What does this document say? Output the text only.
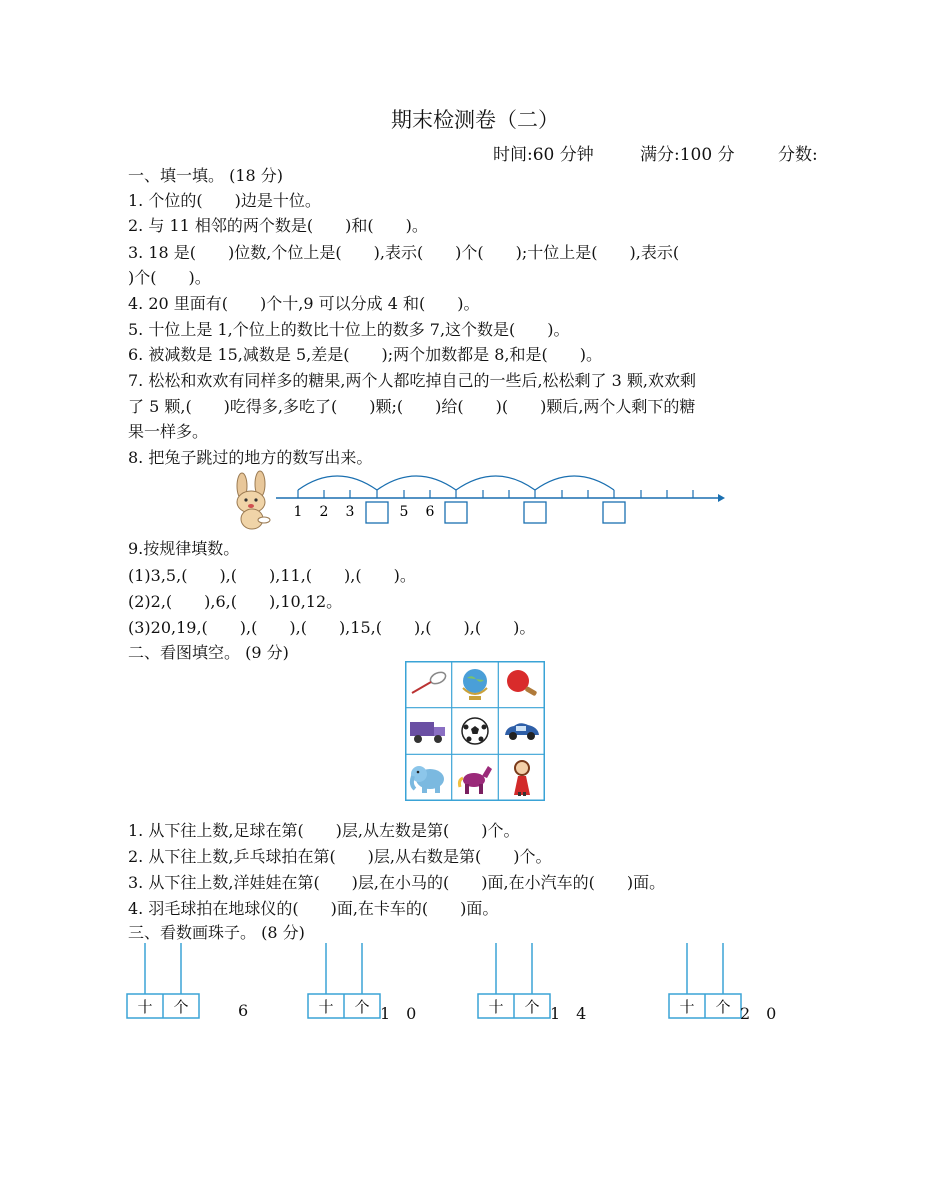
期末检测卷（二）
时间:60 分钟	满分:100 分	分数:
一、填一填。 (18 分)
1. 个位的(　　)边是十位。
2. 与 11 相邻的两个数是(　　)和(　　)。
3. 18 是(　　)位数,个位上是(　　),表示(　　)个(　　);十位上是(　　),表示(
)个(　　)。
4. 20 里面有(　　)个十,9 可以分成 4 和(　　)。
5. 十位上是 1,个位上的数比十位上的数多 7,这个数是(　　)。
6. 被减数是 15,减数是 5,差是(　　);两个加数都是 8,和是(　　)。
7. 松松和欢欢有同样多的糖果,两个人都吃掉自己的一些后,松松剩了 3 颗,欢欢剩
了 5 颗,(　　)吃得多,多吃了(　　)颗;(　　)给(　　)(　　)颗后,两个人剩下的糖
果一样多。
8. 把兔子跳过的地方的数写出来。
1 2 3	5 6
9.按规律填数。
(1)3,5,(　　),(　　),11,(　　),(　　)。
(2)2,(　　),6,(　　),10,12。
(3)20,19,(　　),(　　),(　　),15,(　　),(　　),(　　)。
二、看图填空。 (9 分)
1. 从下往上数,足球在第(　　)层,从左数是第(　　)个。
2. 从下往上数,乒乓球拍在第(　　)层,从右数是第(　　)个。
3. 从下往上数,洋娃娃在第(　　)层,在小马的(　　)面,在小汽车的(　　)面。
4. 羽毛球拍在地球仪的(　　)面,在卡车的(　　)面。
三、看数画珠子。 (8 分)
十 个	6	十 个 1　0	十 个 1　4	十 个 2　0
